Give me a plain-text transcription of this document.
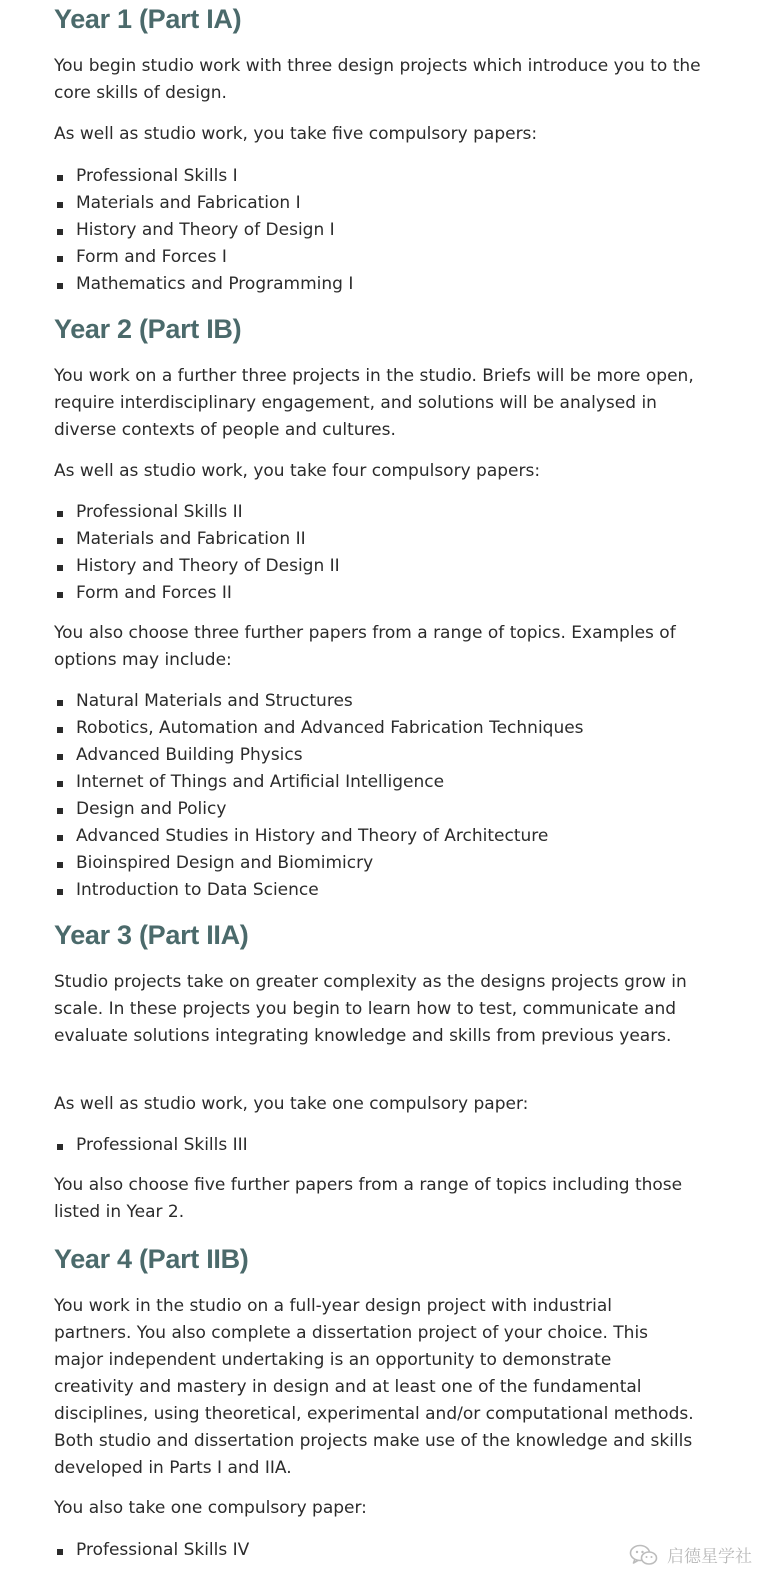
Year 1 (Part IA)

You begin studio work with three design projects which introduce you to the core skills of design.

As well as studio work, you take five compulsory papers:

Professional Skills I
Materials and Fabrication I
History and Theory of Design I
Form and Forces I
Mathematics and Programming I
Year 2 (Part IB)

You work on a further three projects in the studio. Briefs will be more open, require interdisciplinary engagement, and solutions will be analysed in diverse contexts of people and cultures.

As well as studio work, you take four compulsory papers:

Professional Skills II
Materials and Fabrication II
History and Theory of Design II
Form and Forces II

You also choose three further papers from a range of topics. Examples of options may include:

Natural Materials and Structures
Robotics, Automation and Advanced Fabrication Techniques
Advanced Building Physics
Internet of Things and Artificial Intelligence
Design and Policy
Advanced Studies in History and Theory of Architecture
Bioinspired Design and Biomimicry
Introduction to Data Science
Year 3 (Part IIA)

Studio projects take on greater complexity as the designs projects grow in scale. In these projects you begin to learn how to test, communicate and evaluate solutions integrating knowledge and skills from previous years.

As well as studio work, you take one compulsory paper:

Professional Skills III

You also choose five further papers from a range of topics including those listed in Year 2.

Year 4 (Part IIB)

You work in the studio on a full-year design project with industrial partners. You also complete a dissertation project of your choice. This major independent undertaking is an opportunity to demonstrate creativity and mastery in design and at least one of the fundamental disciplines, using theoretical, experimental and/or computational methods. Both studio and dissertation projects make use of the knowledge and skills developed in Parts I and IIA.

You also take one compulsory paper:

Professional Skills IV	启德星学社
